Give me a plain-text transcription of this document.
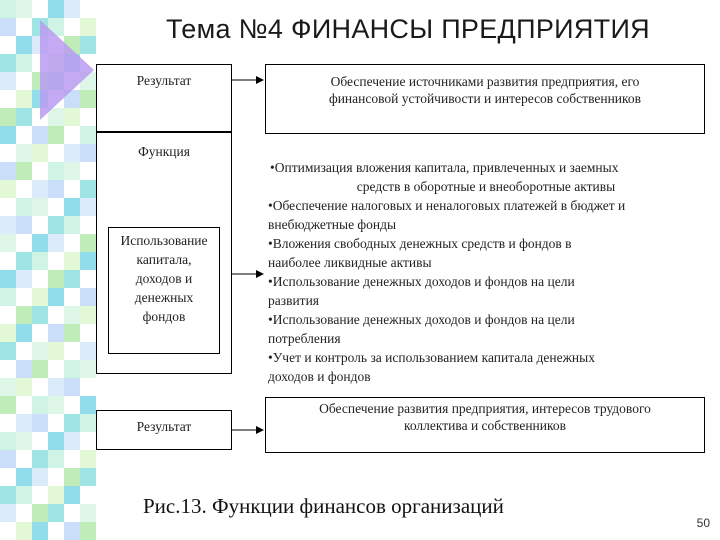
Тема №4 ФИНАНСЫ ПРЕДПРИЯТИЯ
Результат
Функция
Использование
капитала,
доходов и
денежных
фондов
Результат
Обеспечение источниками развития предприятия, его
финансовой устойчивости и интересов собственников
•Оптимизация вложения капитала, привлеченных и заемных
средств в оборотные и внеоборотные активы
•Обеспечение налоговых и неналоговых платежей в бюджет и
внебюджетные фонды
•Вложения свободных денежных средств и фондов в
наиболее ликвидные активы
•Использование денежных доходов и фондов на цели
развития
•Использование денежных доходов и фондов на цели
потребления
•Учет и контроль за использованием капитала денежных
доходов и фондов
Обеспечение развития предприятия, интересов трудового
коллектива и собственников
Рис.13. Функции финансов организаций
50
